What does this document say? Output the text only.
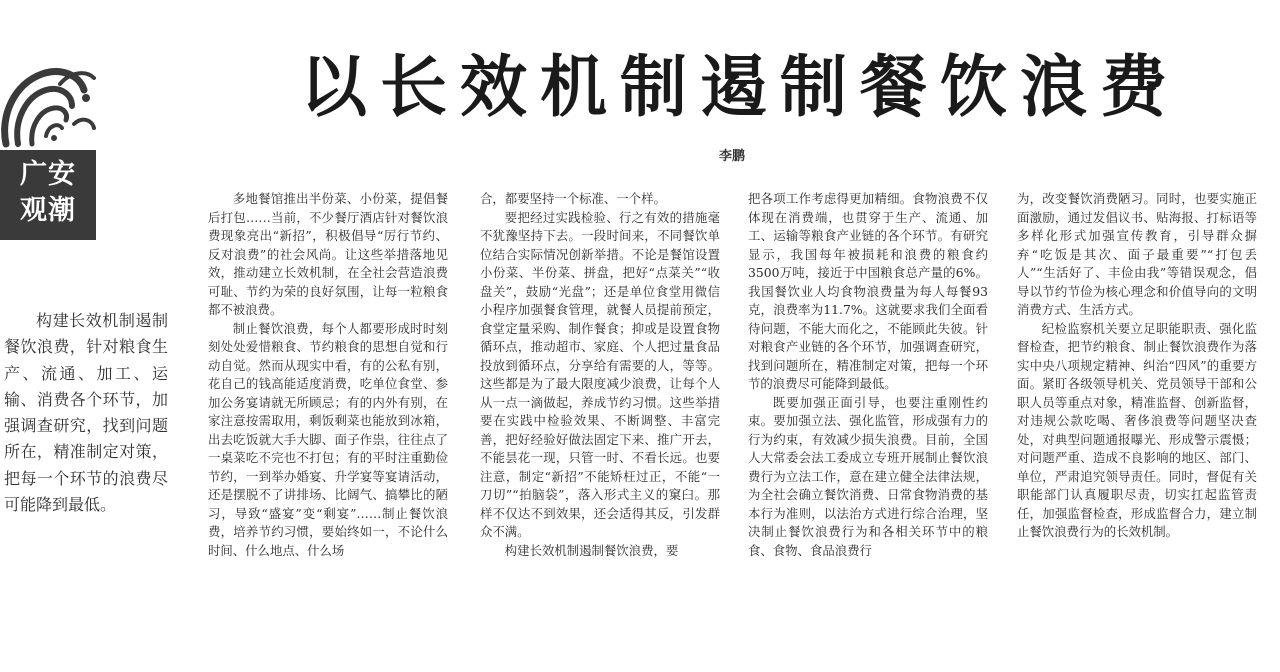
广安
观潮
以长效机制遏制餐饮浪费
李鹏

构建长效机制遏制餐饮浪费，针对粮食生产、流通、加工、运输、消费各个环节，加强调查研究，找到问题所在，精准制定对策，把每一个环节的浪费尽可能降到最低。

多地餐馆推出半份菜、小份菜，提倡餐后打包……当前，不少餐厅酒店针对餐饮浪费现象亮出“新招”，积极倡导“厉行节约、反对浪费”的社会风尚。让这些举措落地见效，推动建立长效机制，在全社会营造浪费可耻、节约为荣的良好氛围，让每一粒粮食都不被浪费。

制止餐饮浪费，每个人都要形成时时刻刻处处爱惜粮食、节约粮食的思想自觉和行动自觉。然而从现实中看，有的公私有别，花自己的钱高能适度消费，吃单位食堂、参加公务宴请就无所顾忌；有的内外有别，在家注意按需取用，剩饭剩菜也能放到冰箱，出去吃饭就大手大脚、面子作祟，往往点了一桌菜吃不完也不打包；有的平时注重勤俭节约，一到举办婚宴、升学宴等宴请活动，还是摆脱不了讲排场、比阔气、搞攀比的陋习，导致“盛宴”变“剩宴”……制止餐饮浪费，培养节约习惯，要始终如一，不论什么时间、什么地点、什么场

合，都要坚持一个标准、一个样。

要把经过实践检验、行之有效的措施毫不犹豫坚持下去。一段时间来，不同餐饮单位结合实际情况创新举措。不论是餐馆设置小份菜、半份菜、拼盘，把好“点菜关”“收盘关”，鼓励“光盘”；还是单位食堂用微信小程序加强餐食管理，就餐人员提前预定，食堂定量采购、制作餐食；抑或是设置食物循环点，推动超市、家庭、个人把过量食品投放到循环点，分享给有需要的人，等等。这些都是为了最大限度减少浪费，让每个人从一点一滴做起，养成节约习惯。这些举措要在实践中检验效果、不断调整、丰富完善，把好经验好做法固定下来、推广开去，不能昙花一现，只管一时、不看长远。也要注意，制定“新招”不能矫枉过正，不能“一刀切”“拍脑袋”，落入形式主义的窠臼。那样不仅达不到效果，还会适得其反，引发群众不满。

构建长效机制遏制餐饮浪费，要

把各项工作考虑得更加精细。食物浪费不仅体现在消费端，也贯穿于生产、流通、加工、运输等粮食产业链的各个环节。有研究显示，我国每年被损耗和浪费的粮食约3500万吨，接近于中国粮食总产量的6%。我国餐饮业人均食物浪费量为每人每餐93克，浪费率为11.7%。这就要求我们全面看待问题，不能大而化之，不能顾此失彼。针对粮食产业链的各个环节，加强调查研究，找到问题所在，精准制定对策，把每一个环节的浪费尽可能降到最低。

既要加强正面引导，也要注重刚性约束。要加强立法、强化监管，形成强有力的行为约束，有效减少损失浪费。目前，全国人大常委会法工委成立专班开展制止餐饮浪费行为立法工作，意在建立健全法律法规，为全社会确立餐饮消费、日常食物消费的基本行为准则，以法治方式进行综合治理，坚决制止餐饮浪费行为和各相关环节中的粮食、食物、食品浪费行

为，改变餐饮消费陋习。同时，也要实施正面激励，通过发倡议书、贴海报、打标语等多样化形式加强宣传教育，引导群众摒弃“吃饭是其次、面子最重要”“打包丢人”“生活好了、丰俭由我”等错误观念，倡导以节约节俭为核心理念和价值导向的文明消费方式、生活方式。

纪检监察机关要立足职能职责、强化监督检查，把节约粮食、制止餐饮浪费作为落实中央八项规定精神、纠治“四风”的重要方面。紧盯各级领导机关、党员领导干部和公职人员等重点对象，精准监督、创新监督，对违规公款吃喝、奢侈浪费等问题坚决查处，对典型问题通报曝光、形成警示震慑；对问题严重、造成不良影响的地区、部门、单位，严肃追究领导责任。同时，督促有关职能部门认真履职尽责，切实扛起监管责任，加强监督检查，形成监督合力，建立制止餐饮浪费行为的长效机制。
